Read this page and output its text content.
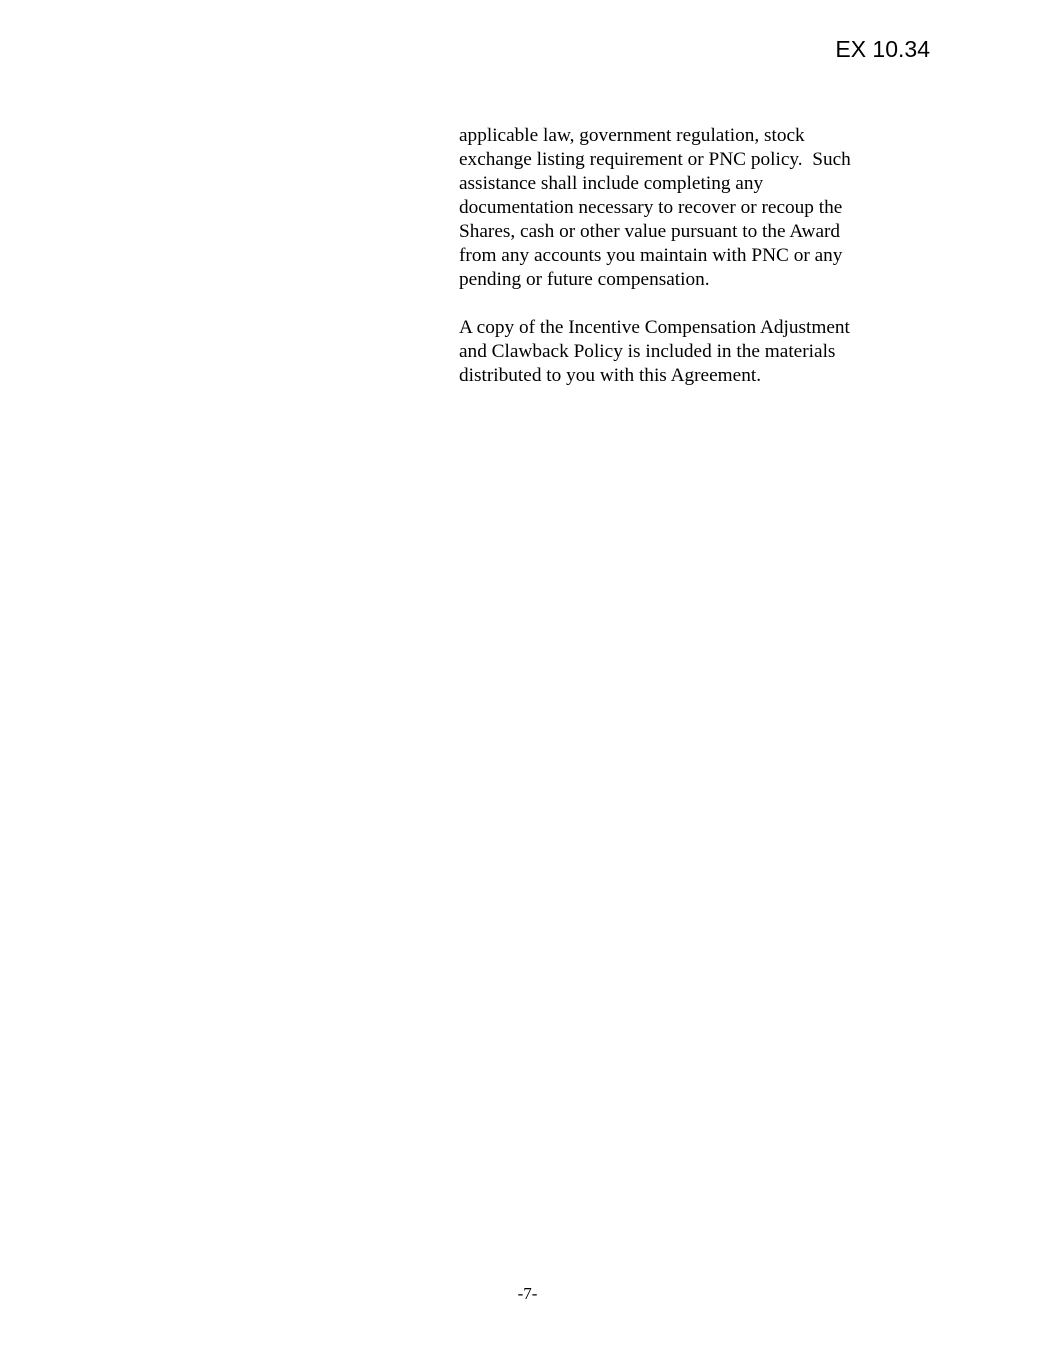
EX 10.34

applicable law, government regulation, stock
exchange listing requirement or PNC policy.  Such
assistance shall include completing any
documentation necessary to recover or recoup the
Shares, cash or other value pursuant to the Award
from any accounts you maintain with PNC or any
pending or future compensation.

A copy of the Incentive Compensation Adjustment
and Clawback Policy is included in the materials
distributed to you with this Agreement.

-7-
